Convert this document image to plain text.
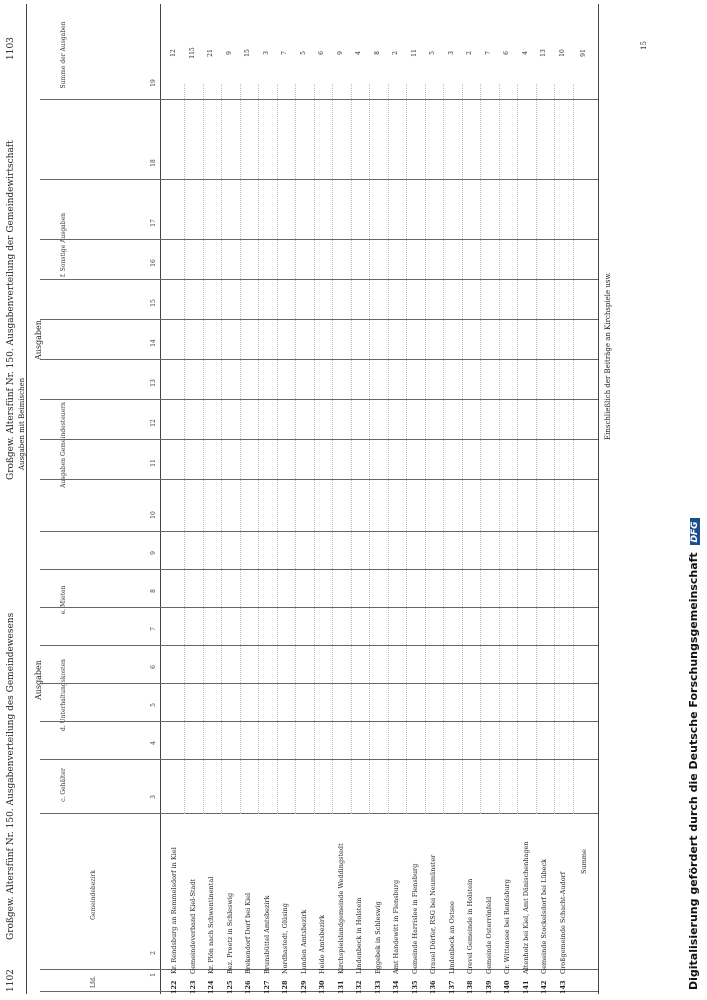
1102
Großgew. Altersfünf Nr. 150. Ausgabenverteilung des Gemeindewesens
Großgew. Altersfünf Nr. 150. Ausgabenverteilung der Gemeindewirtschaft
1103
Ausgaben
Ausgaben
Ausgaben mit Beimischen
Lfd.
Gemeindebezirk
c. Gehälter
d. Unterhaltungskosten
e. Mieten
Ausgaben Gemeindesteuern
f. Sonstige Ausgaben
Summe der Ausgaben
1
2
3
4
5
6
7
8
9
10
11
12
13
14
15
16
17
18
19
122
Kr. Rendsburg an Remmelsdorf in Kiel
12
123
Gemeindeverband Kiel-Stadt
115
124
Kr. Plön nach Schwentinental
21
125
Bez. Preetz in Schleswig
9
126
Brekendorf Dorf bei Kiel
15
127
Brunsbüttel Amtsbezirk
3
128
Nordhastedt, Glüsing
7
129
Lunden Amtsbezirk
5
130
Heide Amtsbezirk
6
131
Kirchspielslandgemeinde Weddingstedt
9
132
Lindenbeck in Holstein
4
133
Eggebek in Schleswig
8
134
Amt Handewitt in Flensburg
2
135
Gemeinde Harrislee in Flensburg
11
136
Grauel Dörfer, RSG bei Neumünster
5
137
Lindenbeck an Ostsee
3
138
Grevel Gemeinde in Holstein
2
139
Gemeinde Osterrönfeld
7
140
Gr. Wittensee bei Rendsburg
6
141
Altenholz bei Kiel, Amt Dänischenhagen
4
142
Gemeinde Stockelsdorf bei Lübeck
13
143
Großgemeinde Schacht-Audorf
10
Summe
91
Einschließlich der Beiträge an Kirchspiele usw.
15
Digitalisierung gefördert durch die Deutsche Forschungsgemeinschaft DFG
